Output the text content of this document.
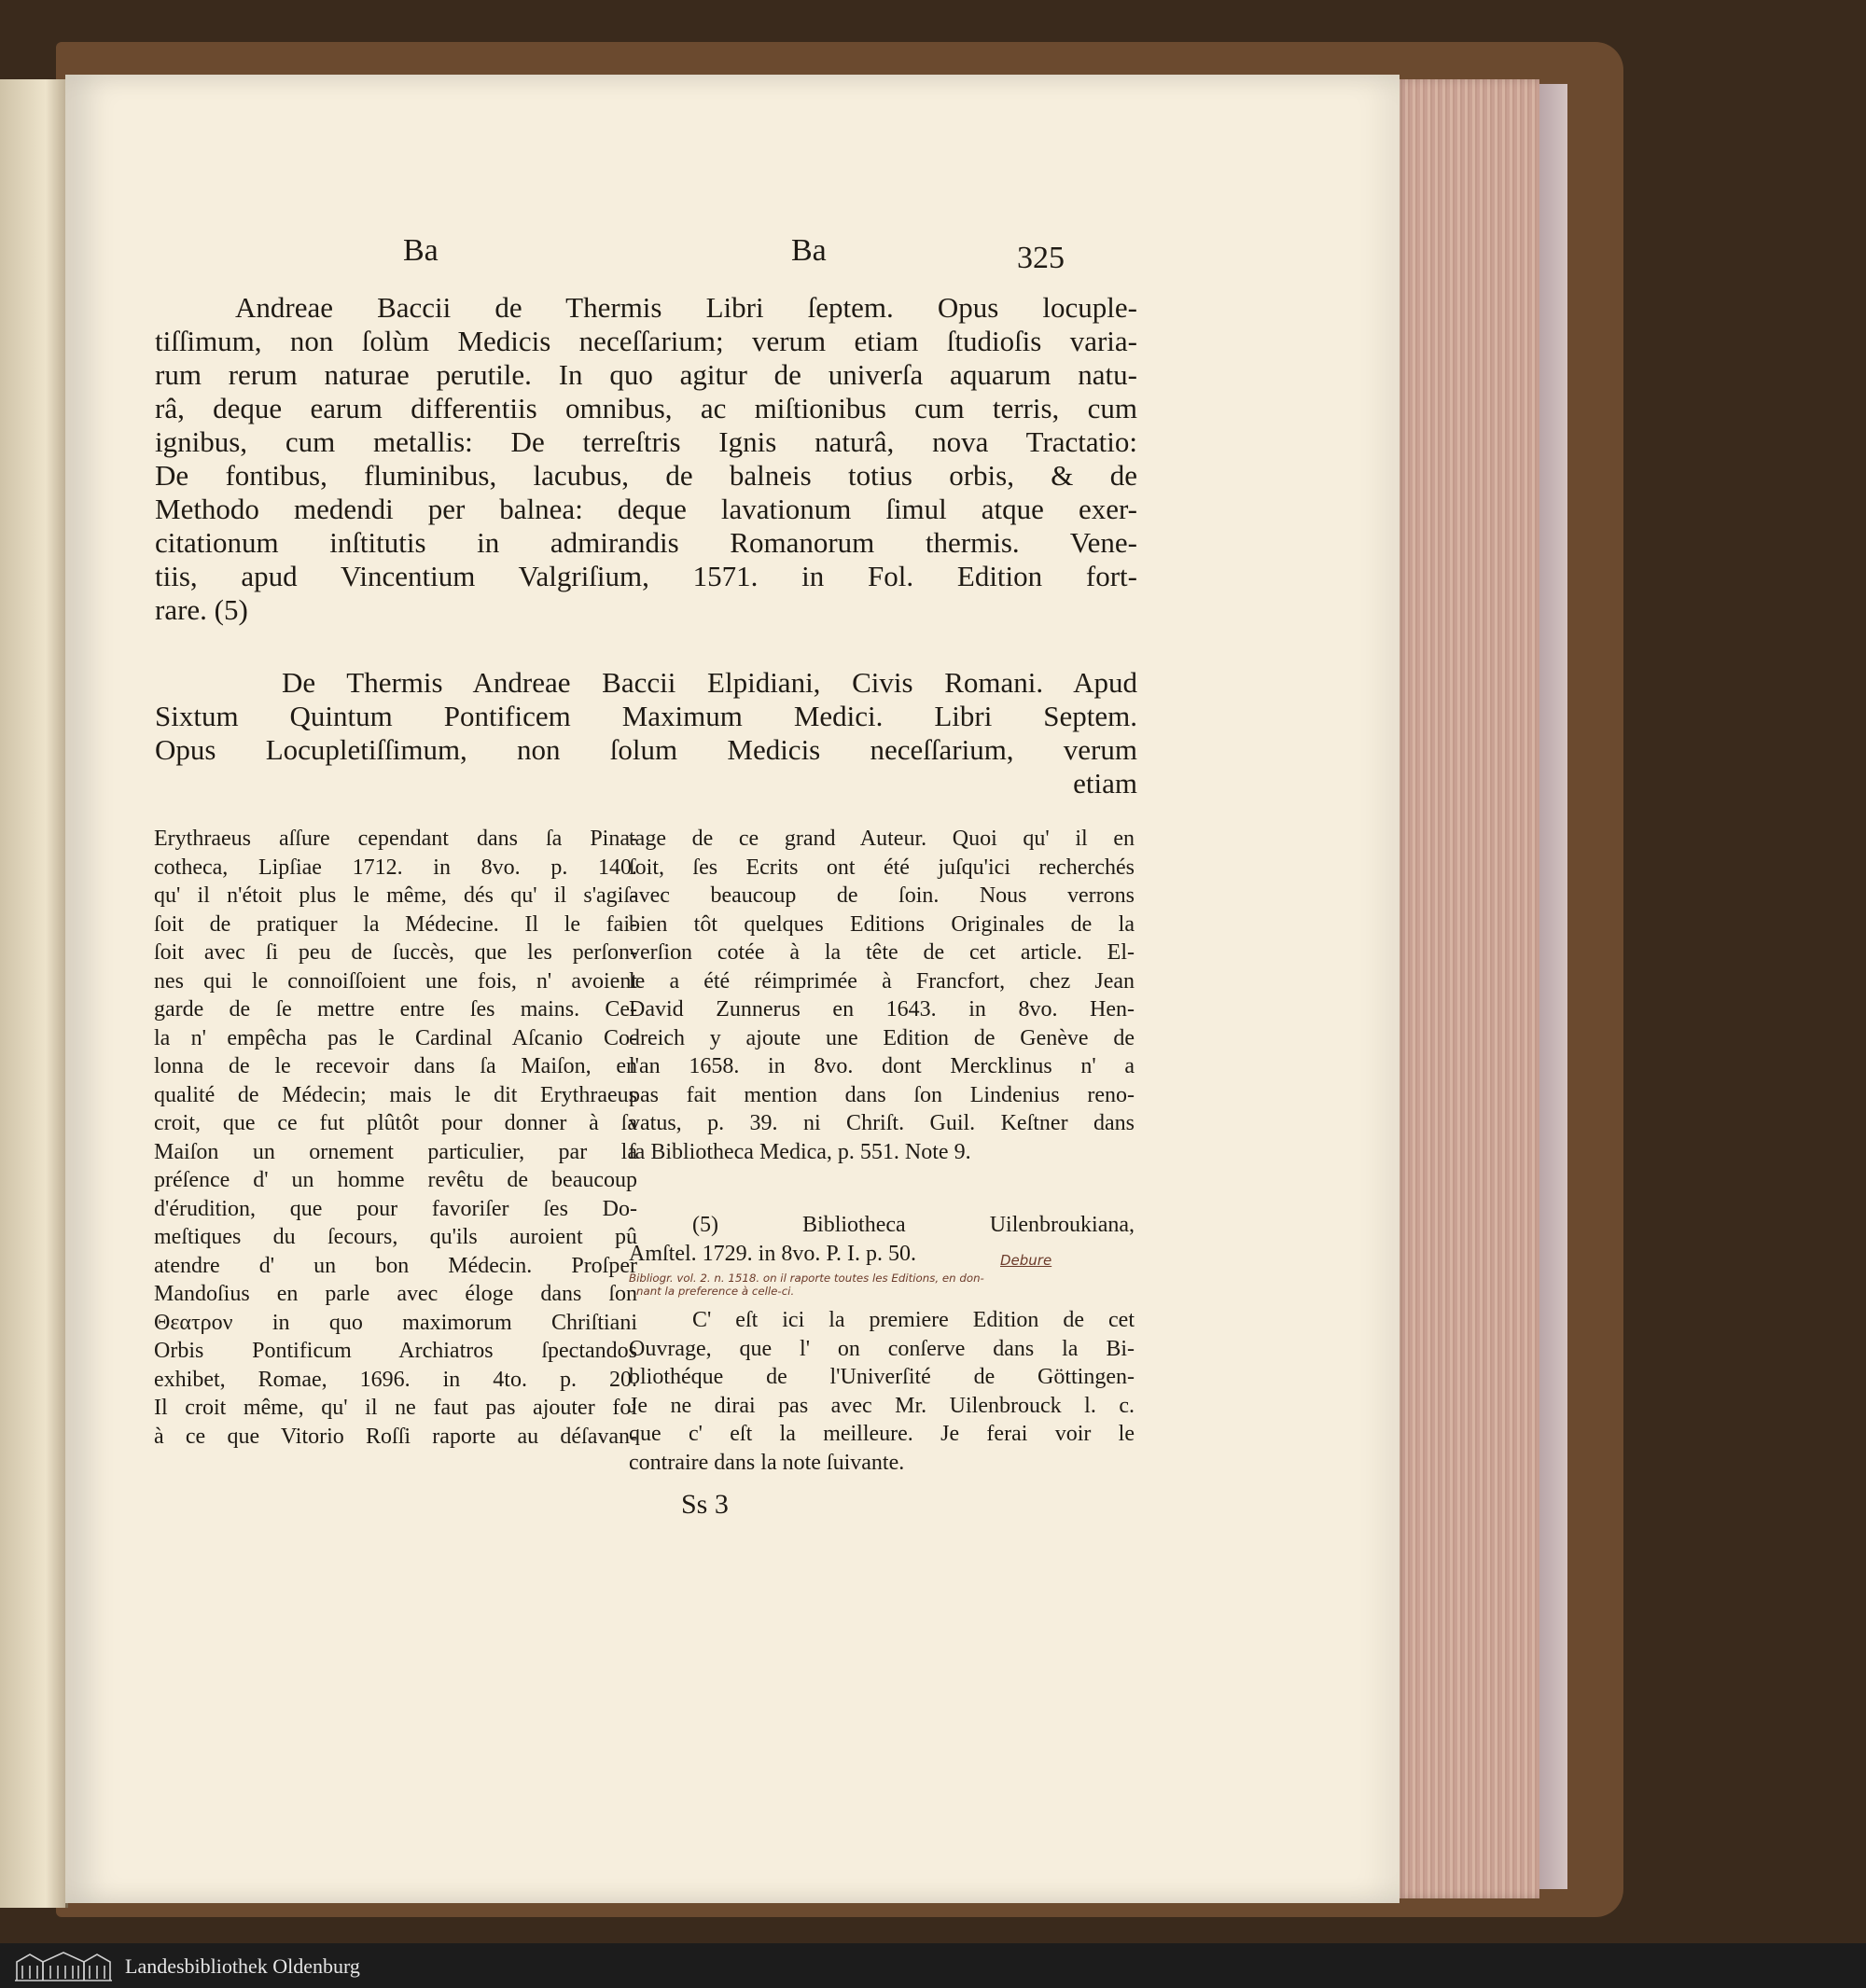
Ba	Ba	325
Andreae Baccii de Thermis Libri ſeptem. Opus locuple-
tiſſimum, non ſolùm Medicis neceſſarium; verum etiam ſtudioſis varia-
rum rerum naturae perutile. In quo agitur de univerſa aquarum natu-
râ, deque earum differentiis omnibus, ac miſtionibus cum terris, cum
ignibus, cum metallis: De terreſtris Ignis naturâ, nova Tractatio:
De fontibus, fluminibus, lacubus, de balneis totius orbis, & de
Methodo medendi per balnea: deque lavationum ſimul atque exer-
citationum inſtitutis in admirandis Romanorum thermis. Vene-
tiis, apud Vincentium Valgriſium, 1571. in Fol. Edition fort-
rare. (5)
De Thermis Andreae Baccii Elpidiani, Civis Romani. Apud
Sixtum Quintum Pontificem Maximum Medici. Libri Septem.
Opus Locupletiſſimum, non ſolum Medicis neceſſarium, verum
etiam
Erythraeus aſſure cependant dans ſa Pina-
cotheca, Lipſiae 1712. in 8vo. p. 140.
qu' il n'étoit plus le même, dés qu' il s'agiſ-
ſoit de pratiquer la Médecine. Il le fai-
ſoit avec ſi peu de ſuccès, que les perſon-
nes qui le connoiſſoient une fois, n' avoient
garde de ſe mettre entre ſes mains. Ce-
la n' empêcha pas le Cardinal Aſcanio Co-
lonna de le recevoir dans ſa Maiſon, en
qualité de Médecin; mais le dit Erythraeus
croit, que ce fut plûtôt pour donner à ſa
Maiſon un ornement particulier, par la
préſence d' un homme revêtu de beaucoup
d'érudition, que pour favoriſer ſes Do-
meſtiques du ſecours, qu'ils auroient pû
atendre d' un bon Médecin. Proſper
Mandoſius en parle avec éloge dans ſon
Θεατρον in quo maximorum Chriſtiani
Orbis Pontificum Archiatros ſpectandos
exhibet, Romae, 1696. in 4to. p. 20.
Il croit même, qu' il ne faut pas ajouter foi
à ce que Vitorio Roſſi raporte au déſavan-
tage de ce grand Auteur. Quoi qu' il en
ſoit, ſes Ecrits ont été juſqu'ici recherchés
avec beaucoup de ſoin. Nous verrons
bien tôt quelques Editions Originales de la
verſion cotée à la tête de cet article. El-
le a été réimprimée à Francfort, chez Jean
David Zunnerus en 1643. in 8vo. Hen-
dreich y ajoute une Edition de Genève de
l'an 1658. in 8vo. dont Mercklinus n' a
pas fait mention dans ſon Lindenius reno-
vatus, p. 39. ni Chriſt. Guil. Keſtner dans
ſa Bibliotheca Medica, p. 551. Note 9.
(5) Bibliotheca Uilenbroukiana,
Amſtel. 1729. in 8vo. P. I. p. 50.	Debure
Bibliogr. vol. 2. n. 1518. on il raporte toutes les Editions, en don-
nant la preference à celle-ci.
C' eſt ici la premiere Edition de cet
Ouvrage, que l' on conſerve dans la Bi-
bliothéque de l'Univerſité de Göttingen-
Je ne dirai pas avec Mr. Uilenbrouck l. c.
que c' eſt la meilleure. Je ferai voir le
contraire dans la note ſuivante.
Ss 3
Landesbibliothek Oldenburg
